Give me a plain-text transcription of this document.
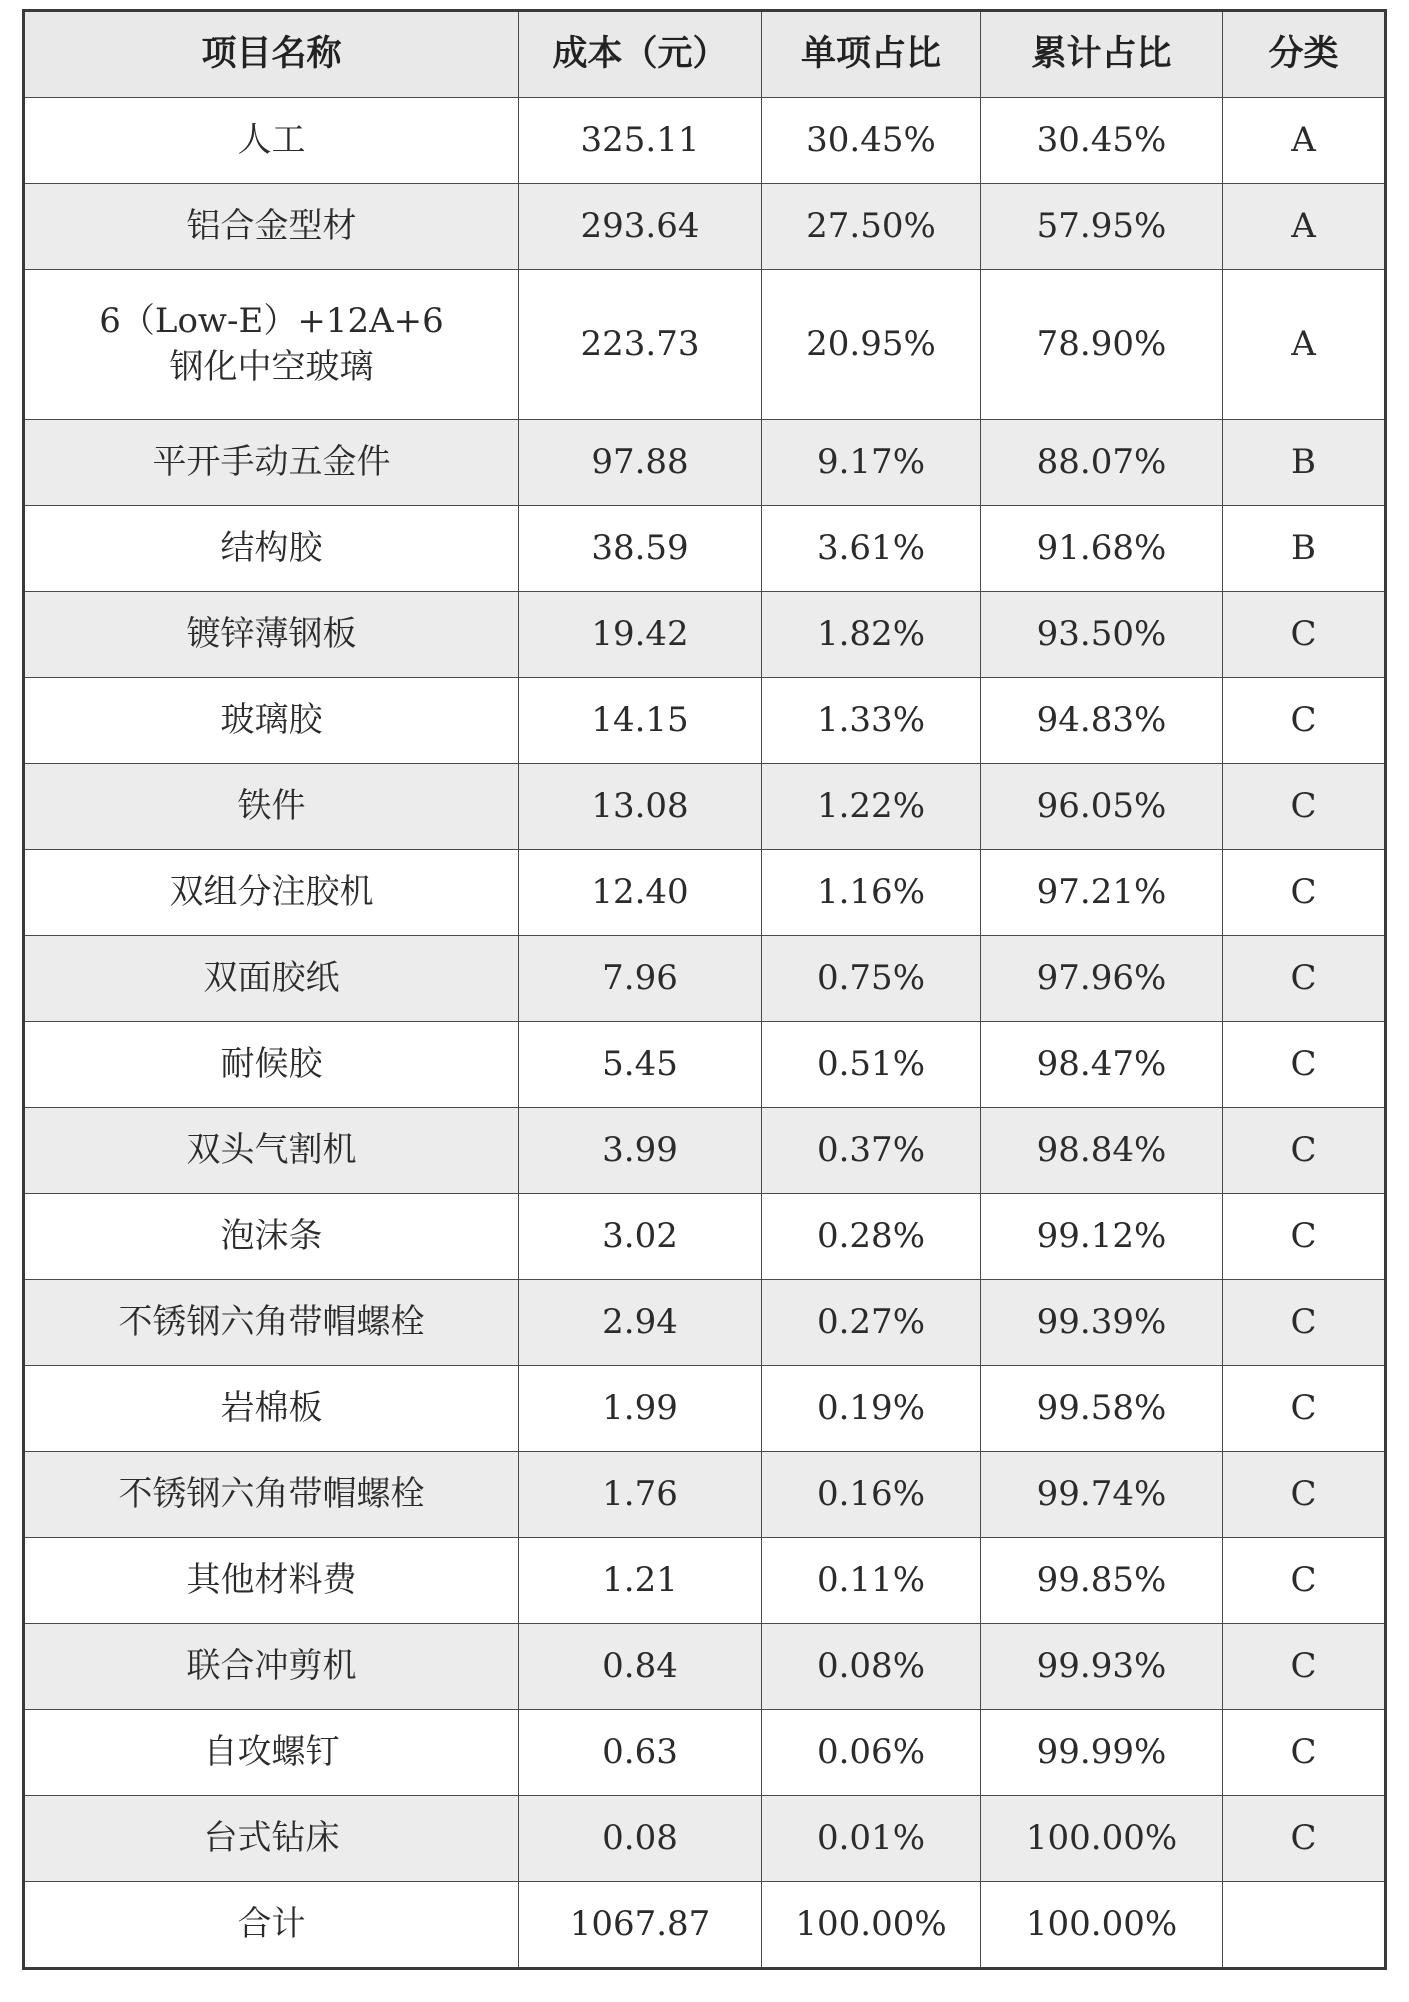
项目名称	成本（元）	单项占比	累计占比	分类
人工	325.11	30.45%	30.45%	A
铝合金型材	293.64	27.50%	57.95%	A

6（Low-E）+12A+6
钢化中空玻璃	223.73	20.95%	78.90%	A
平开手动五金件	97.88	9.17%	88.07%	B
结构胶	38.59	3.61%	91.68%	B
镀锌薄钢板	19.42	1.82%	93.50%	C
玻璃胶	14.15	1.33%	94.83%	C
铁件	13.08	1.22%	96.05%	C
双组分注胶机	12.40	1.16%	97.21%	C
双面胶纸	7.96	0.75%	97.96%	C
耐候胶	5.45	0.51%	98.47%	C
双头气割机	3.99	0.37%	98.84%	C
泡沫条	3.02	0.28%	99.12%	C
不锈钢六角带帽螺栓	2.94	0.27%	99.39%	C
岩棉板	1.99	0.19%	99.58%	C
不锈钢六角带帽螺栓	1.76	0.16%	99.74%	C
其他材料费	1.21	0.11%	99.85%	C
联合冲剪机	0.84	0.08%	99.93%	C
自攻螺钉	0.63	0.06%	99.99%	C
台式钻床	0.08	0.01%	100.00%	C
合计	1067.87	100.00%	100.00%	
